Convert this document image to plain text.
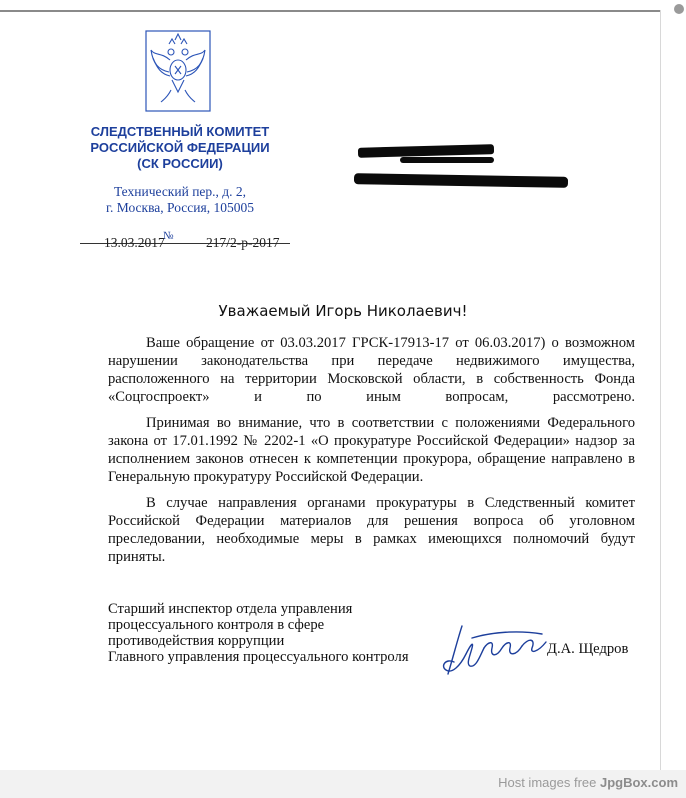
СЛЕДСТВЕННЫЙ КОМИТЕТ
РОССИЙСКОЙ ФЕДЕРАЦИИ
(СК РОССИИ)
Технический пер., д. 2,
г. Москва, Россия, 105005
13.03.2017
№ 217/2-р-2017
Уважаемый Игорь Николаевич!

Ваше обращение от 03.03.2017 ГРСК-17913-17 от 06.03.2017) о возможном нарушении законодательства при передаче недвижимого имущества, расположенного на территории Московской области, в собственность Фонда «Соцгоспроект» и по иным вопросам, рассмотрено.

Принимая во внимание, что в соответствии с положениями Федерального закона от 17.01.1992 № 2202-1 «О прокуратуре Российской Федерации» надзор за исполнением законов отнесен к компетенции прокурора, обращение направлено в Генеральную прокуратуру Российской Федерации.

В случае направления органами прокуратуры в Следственный комитет Российской Федерации материалов для решения вопроса об уголовном преследовании, необходимые меры в рамках имеющихся полномочий будут приняты.

Старший инспектор отдела управления
процессуального контроля в сфере
противодействия коррупции
Главного управления процессуального контроля	Д.А. Щедров
Host images free JpgBox.com
